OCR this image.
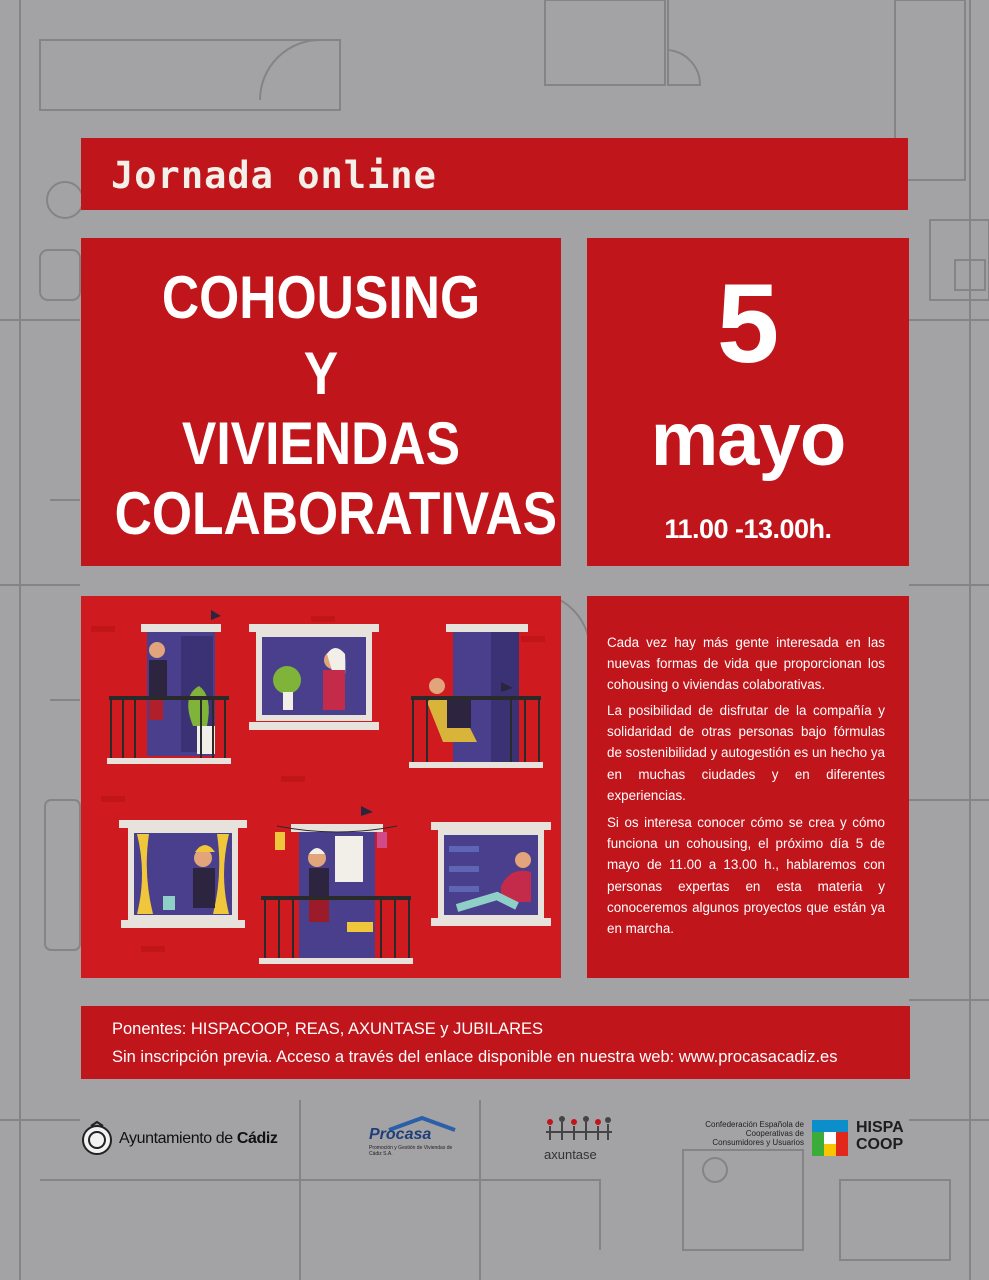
Jornada online
COHOUSING
Y
VIVIENDAS
COLABORATIVAS
5
mayo
11.00 -13.00h.

Cada vez hay más gente interesada en las nuevas formas de vida que proporcionan los cohousing o viviendas colaborativas.

La posibilidad de disfrutar de la compañía y solidaridad de otras personas bajo fórmulas de sostenibilidad y autogestión es un hecho ya en muchas ciudades y en diferentes experiencias.

Si os interesa conocer cómo se crea y cómo funciona un cohousing, el próximo día 5 de mayo de 11.00 a 13.00 h., hablaremos con personas expertas en esta materia y conoceremos algunos proyectos que están ya en marcha.

Ponentes: HISPACOOP, REAS, AXUNTASE y JUBILARES
Sin inscripción previa. Acceso a través del enlace disponible en nuestra web: www.procasacadiz.es
Ayuntamiento de Cádiz	Procasa
Promoción y Gestión de Viviendas de Cádiz S.A.	axuntase
Confederación Española de Cooperativas de Consumidores y Usuarios
HISPA
COOP
